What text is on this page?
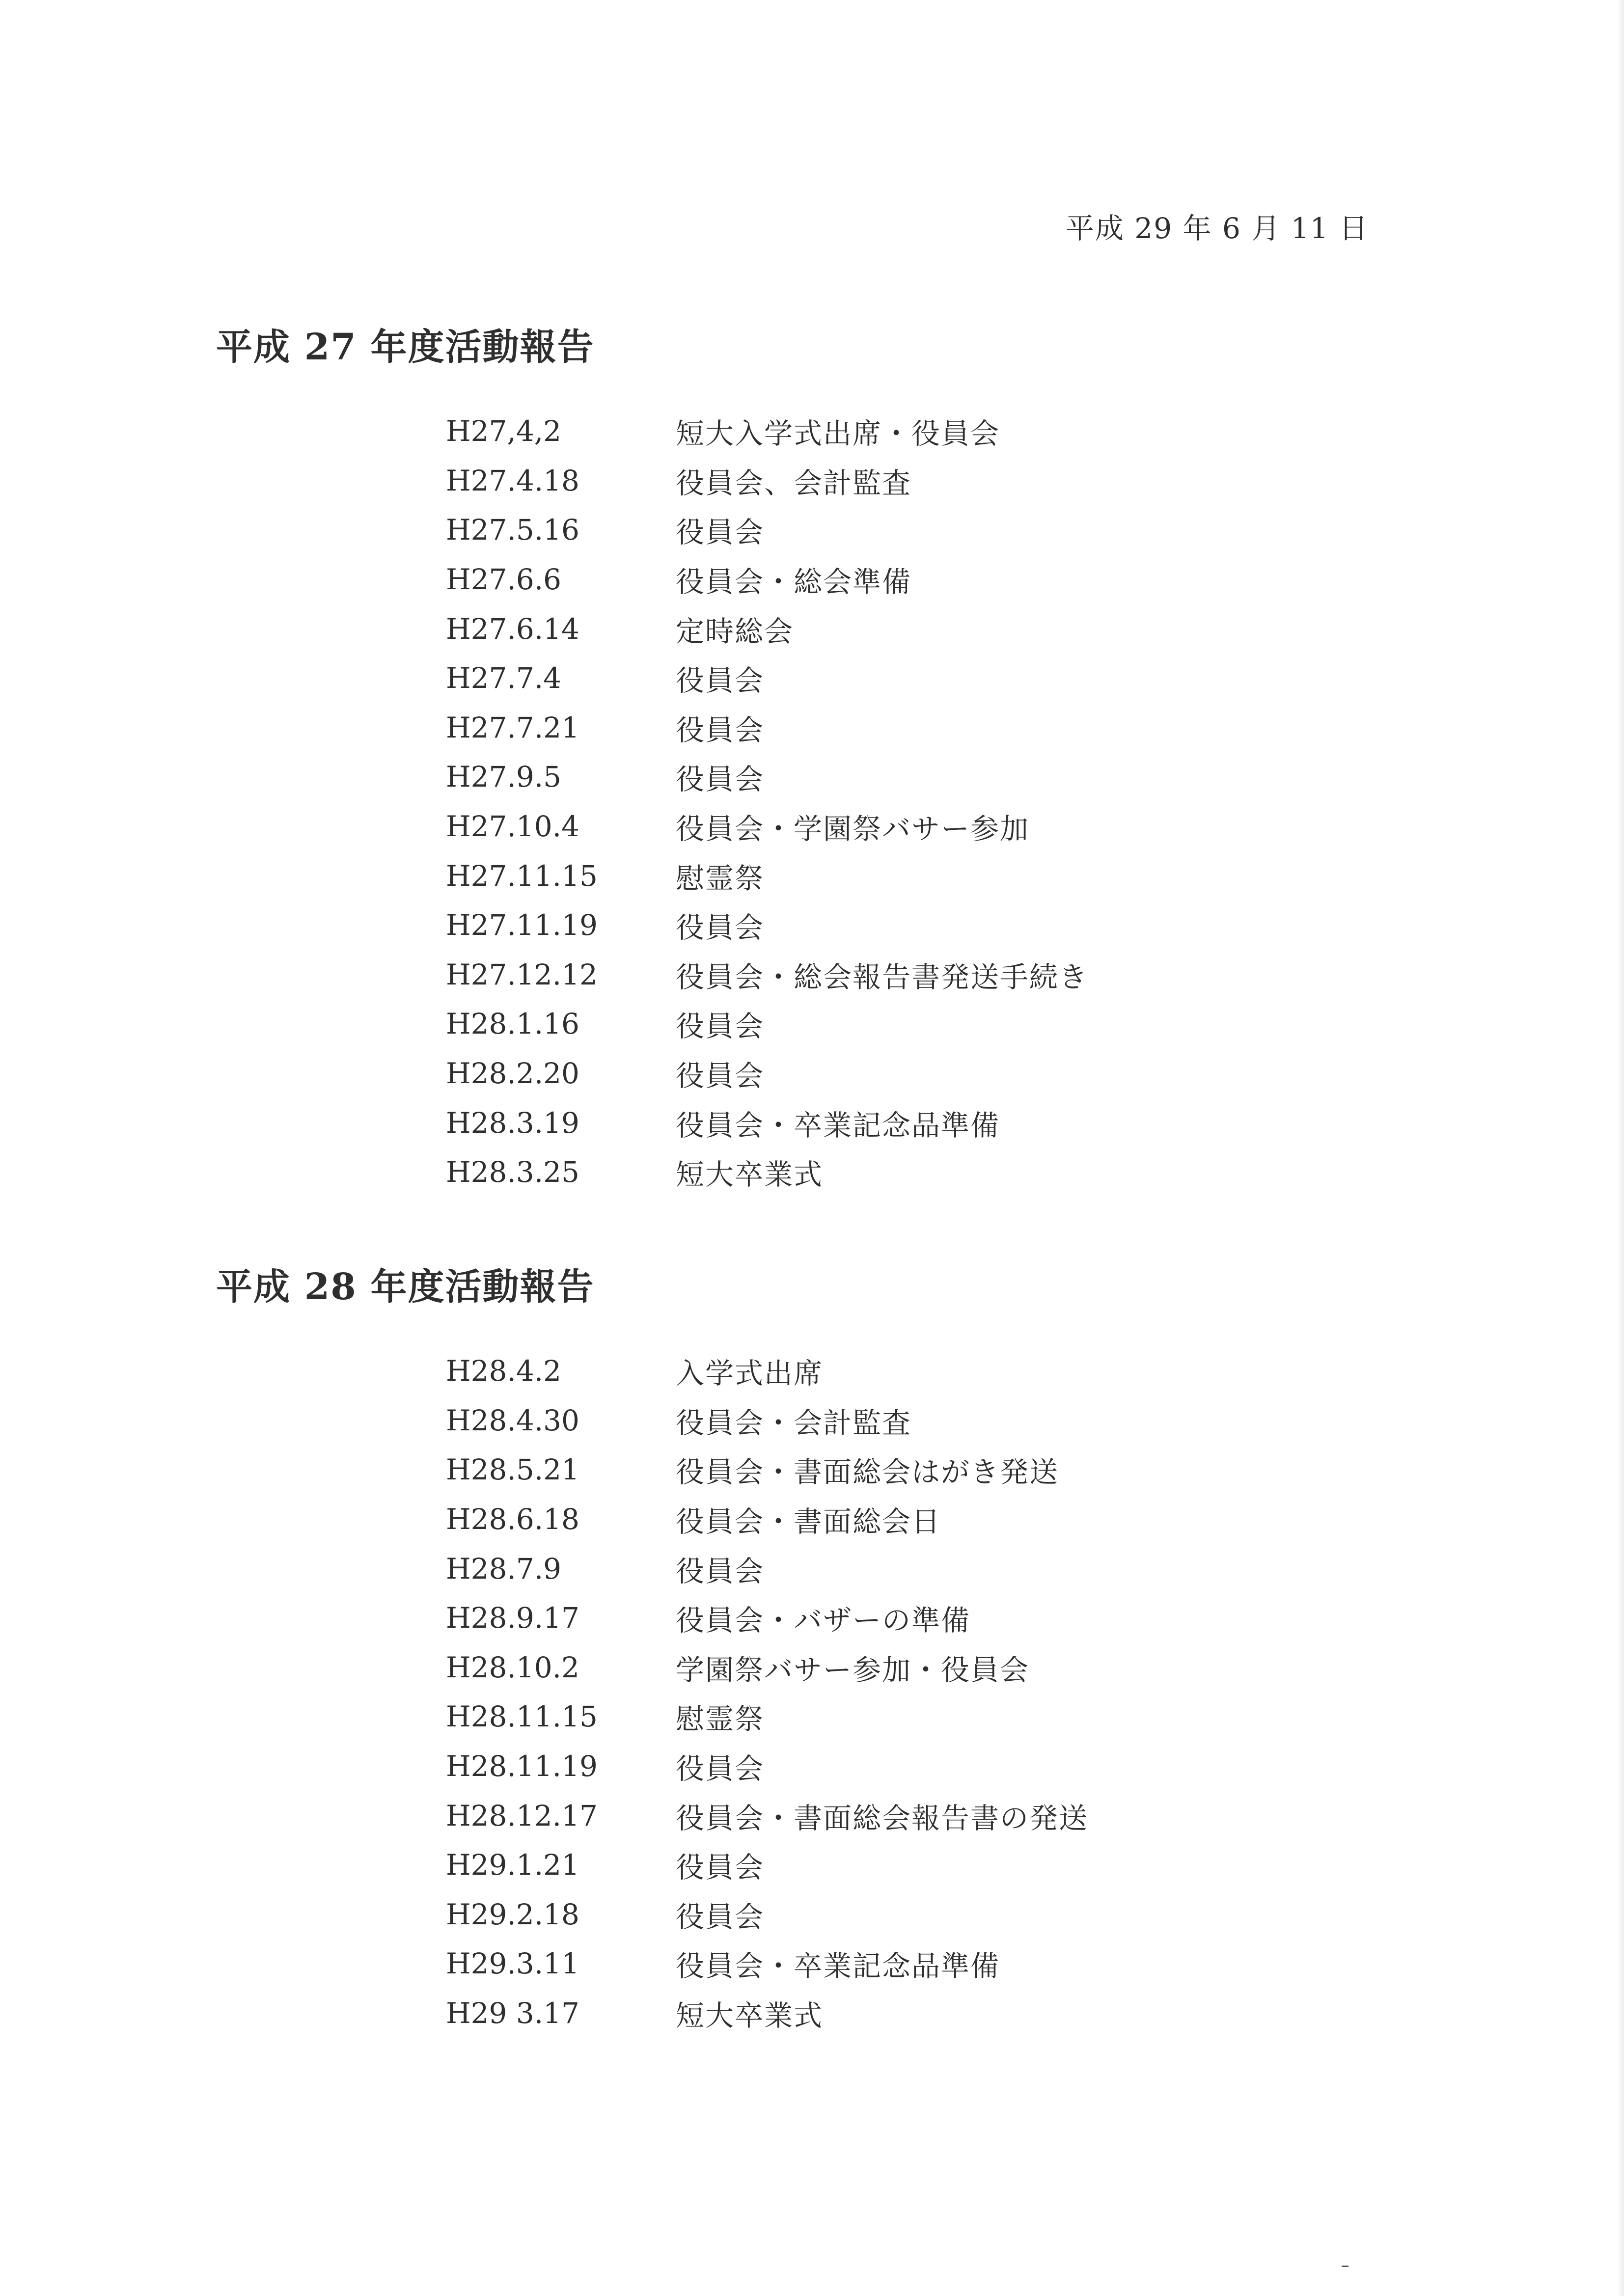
平成 29 年 6 月 11 日
平成 27 年度活動報告
H27,4,2	短大入学式出席・役員会
H27.4.18	役員会、会計監査
H27.5.16	役員会
H27.6.6	役員会・総会準備
H27.6.14	定時総会
H27.7.4	役員会
H27.7.21	役員会
H27.9.5	役員会
H27.10.4	役員会・学園祭バサー参加
H27.11.15	慰霊祭
H27.11.19	役員会
H27.12.12	役員会・総会報告書発送手続き
H28.1.16	役員会
H28.2.20	役員会
H28.3.19	役員会・卒業記念品準備
H28.3.25	短大卒業式
平成 28 年度活動報告
H28.4.2	入学式出席
H28.4.30	役員会・会計監査
H28.5.21	役員会・書面総会はがき発送
H28.6.18	役員会・書面総会日
H28.7.9	役員会
H28.9.17	役員会・バザーの準備
H28.10.2	学園祭バサー参加・役員会
H28.11.15	慰霊祭
H28.11.19	役員会
H28.12.17	役員会・書面総会報告書の発送
H29.1.21	役員会
H29.2.18	役員会
H29.3.11	役員会・卒業記念品準備
H29 3.17	短大卒業式
